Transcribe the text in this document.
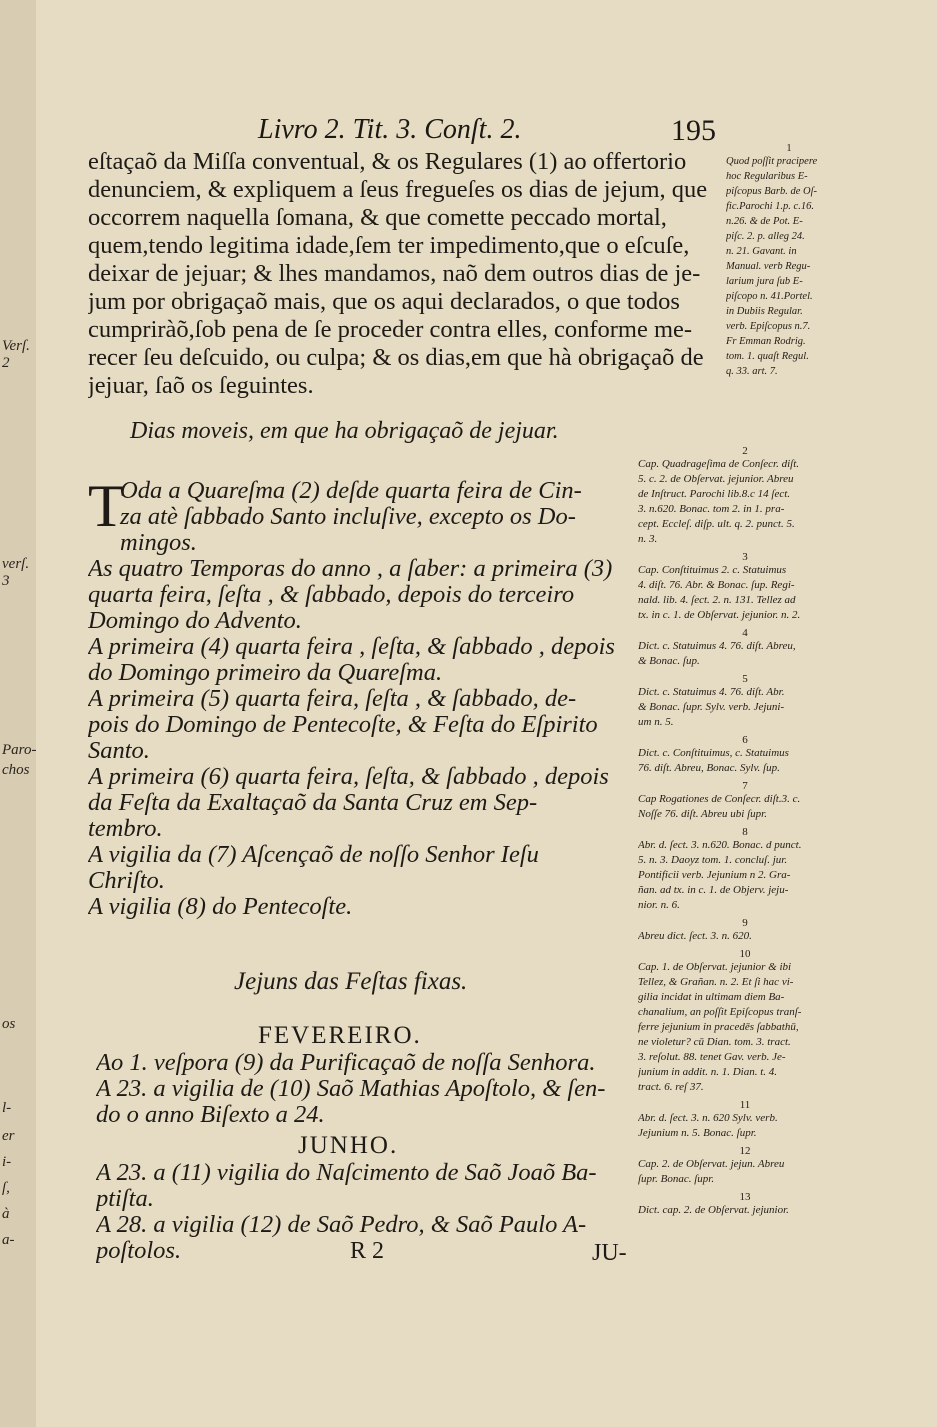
Verſ. 2
verſ. 3
Paro-
chos
os
l-
er
i-
ſ,
à
a-
Livro 2. Tit. 3. Conſt. 2.	195
eſtaçaõ da Miſſa conventual, & os Regulares (1) ao offertorio
denunciem, & expliquem a ſeus fregueſes os dias de jejum, que
occorrem naquella ſomana, & que comette peccado mortal,
quem,tendo legitima idade,ſem ter impedimento,que o eſcuſe,
deixar de jejuar; & lhes mandamos, naõ dem outros dias de je-
jum por obrigaçaõ mais, que os aqui declarados, o que todos
cumpriràõ,ſob pena de ſe proceder contra elles, conforme me-
recer ſeu deſcuido, ou culpa; & os dias,em que hà obrigaçaõ de
jejuar, ſaõ os ſeguintes.
Dias moveis, em que ha obrigaçaõ de jejuar.
T
Oda a Quareſma (2) deſde quarta feira de Cin-
za atè ſabbado Santo incluſive, excepto os Do-
mingos.
As quatro Temporas do anno , a ſaber: a primeira (3)
quarta feira, ſeſta , & ſabbado, depois do terceiro
Domingo do Advento.
A primeira (4) quarta feira , ſeſta, & ſabbado , depois
do Domingo primeiro da Quareſma.
A primeira (5) quarta feira, ſeſta , & ſabbado, de-
pois do Domingo de Pentecoſte, & Feſta do Eſpirito
Santo.
A primeira (6) quarta feira, ſeſta, & ſabbado , depois
da Feſta da Exaltaçaõ da Santa Cruz em Sep-
tembro.
A vigilia da (7) Aſcençaõ de noſſo Senhor Ieſu
Chriſto.
A vigilia (8) do Pentecoſte.
Jejuns das Feſtas fixas.
FEVEREIRO.
Ao 1. veſpora (9) da Purificaçaõ de noſſa Senhora.
A 23. a vigilia de (10) Saõ Mathias Apoſtolo, & ſen-
do o anno Biſexto a 24.
JUNHO.
A 23. a (11) vigilia do Naſcimento de Saõ Joaõ Ba-
ptiſta.
A 28. a vigilia (12) de Saõ Pedro, & Saõ Paulo A-
poſtolos.	R 2	JU-
1
Quod poſſit pracipere
hoc Regularibus E-
piſcopus Barb. de Oſ-
fic.Parochi 1.p. c.16.
n.26. & de Pot. E-
piſc. 2. p. alleg 24.
n. 21. Gavant. in
Manual. verb Regu-
larium jura ſub E-
piſcopo n. 41.Portel.
in Dubiis Regular.
verb. Epiſcopus n.7.
Fr Emman Rodrig.
tom. 1. quaſt Regul.
q. 33. art. 7.
2
Cap. Quadrageſima de Conſecr. diſt.
5. c. 2. de Obſervat. jejunior. Abreu
de Inſtruct. Parochi lib.8.c 14 ſect.
3. n.620. Bonac. tom 2. in 1. pra-
cept. Eccleſ. diſp. ult. q. 2. punct. 5.
n. 3.
3
Cap. Conſtituimus 2. c. Statuimus
4. diſt. 76. Abr. & Bonac. ſup. Regi-
nald. lib. 4. ſect. 2. n. 131. Tellez ad
tx. in c. 1. de Obſervat. jejunior. n. 2.
4
Dict. c. Statuimus 4. 76. diſt. Abreu,
& Bonac. ſup.
5
Dict. c. Statuimus 4. 76. diſt. Abr.
& Bonac. ſupr. Sylv. verb. Jejuni-
um n. 5.
6
Dict. c. Conſtituimus, c. Statuimus
76. diſt. Abreu, Bonac. Sylv. ſup.
7
Cap Rogationes de Conſecr. diſt.3. c.
Noſſe 76. diſt. Abreu ubi ſupr.
8
Abr. d. ſect. 3. n.620. Bonac. d punct.
5. n. 3. Daoyz tom. 1. concluſ. jur.
Pontificii verb. Jejunium n 2. Gra-
ñan. ad tx. in c. 1. de Objerv. jeju-
nior. n. 6.
9
Abreu dict. ſect. 3. n. 620.
10
Cap. 1. de Obſervat. jejunior & ibi
Tellez, & Grañan. n. 2. Et ſi hac vi-
gilia incidat in ultimam diem Ba-
chanalium, an poſſit Epiſcopus tranſ-
ferre jejunium in pracedēs ſabbathū,
ne violetur? cū Dian. tom. 3. tract.
3. reſolut. 88. tenet Gav. verb. Je-
junium in addit. n. 1. Dian. t. 4.
tract. 6. reſ 37.
11
Abr. d. ſect. 3. n. 620 Sylv. verb.
Jejunium n. 5. Bonac. ſupr.
12
Cap. 2. de Obſervat. jejun. Abreu
ſupr. Bonac. ſupr.
13
Dict. cap. 2. de Obſervat. jejunior.
